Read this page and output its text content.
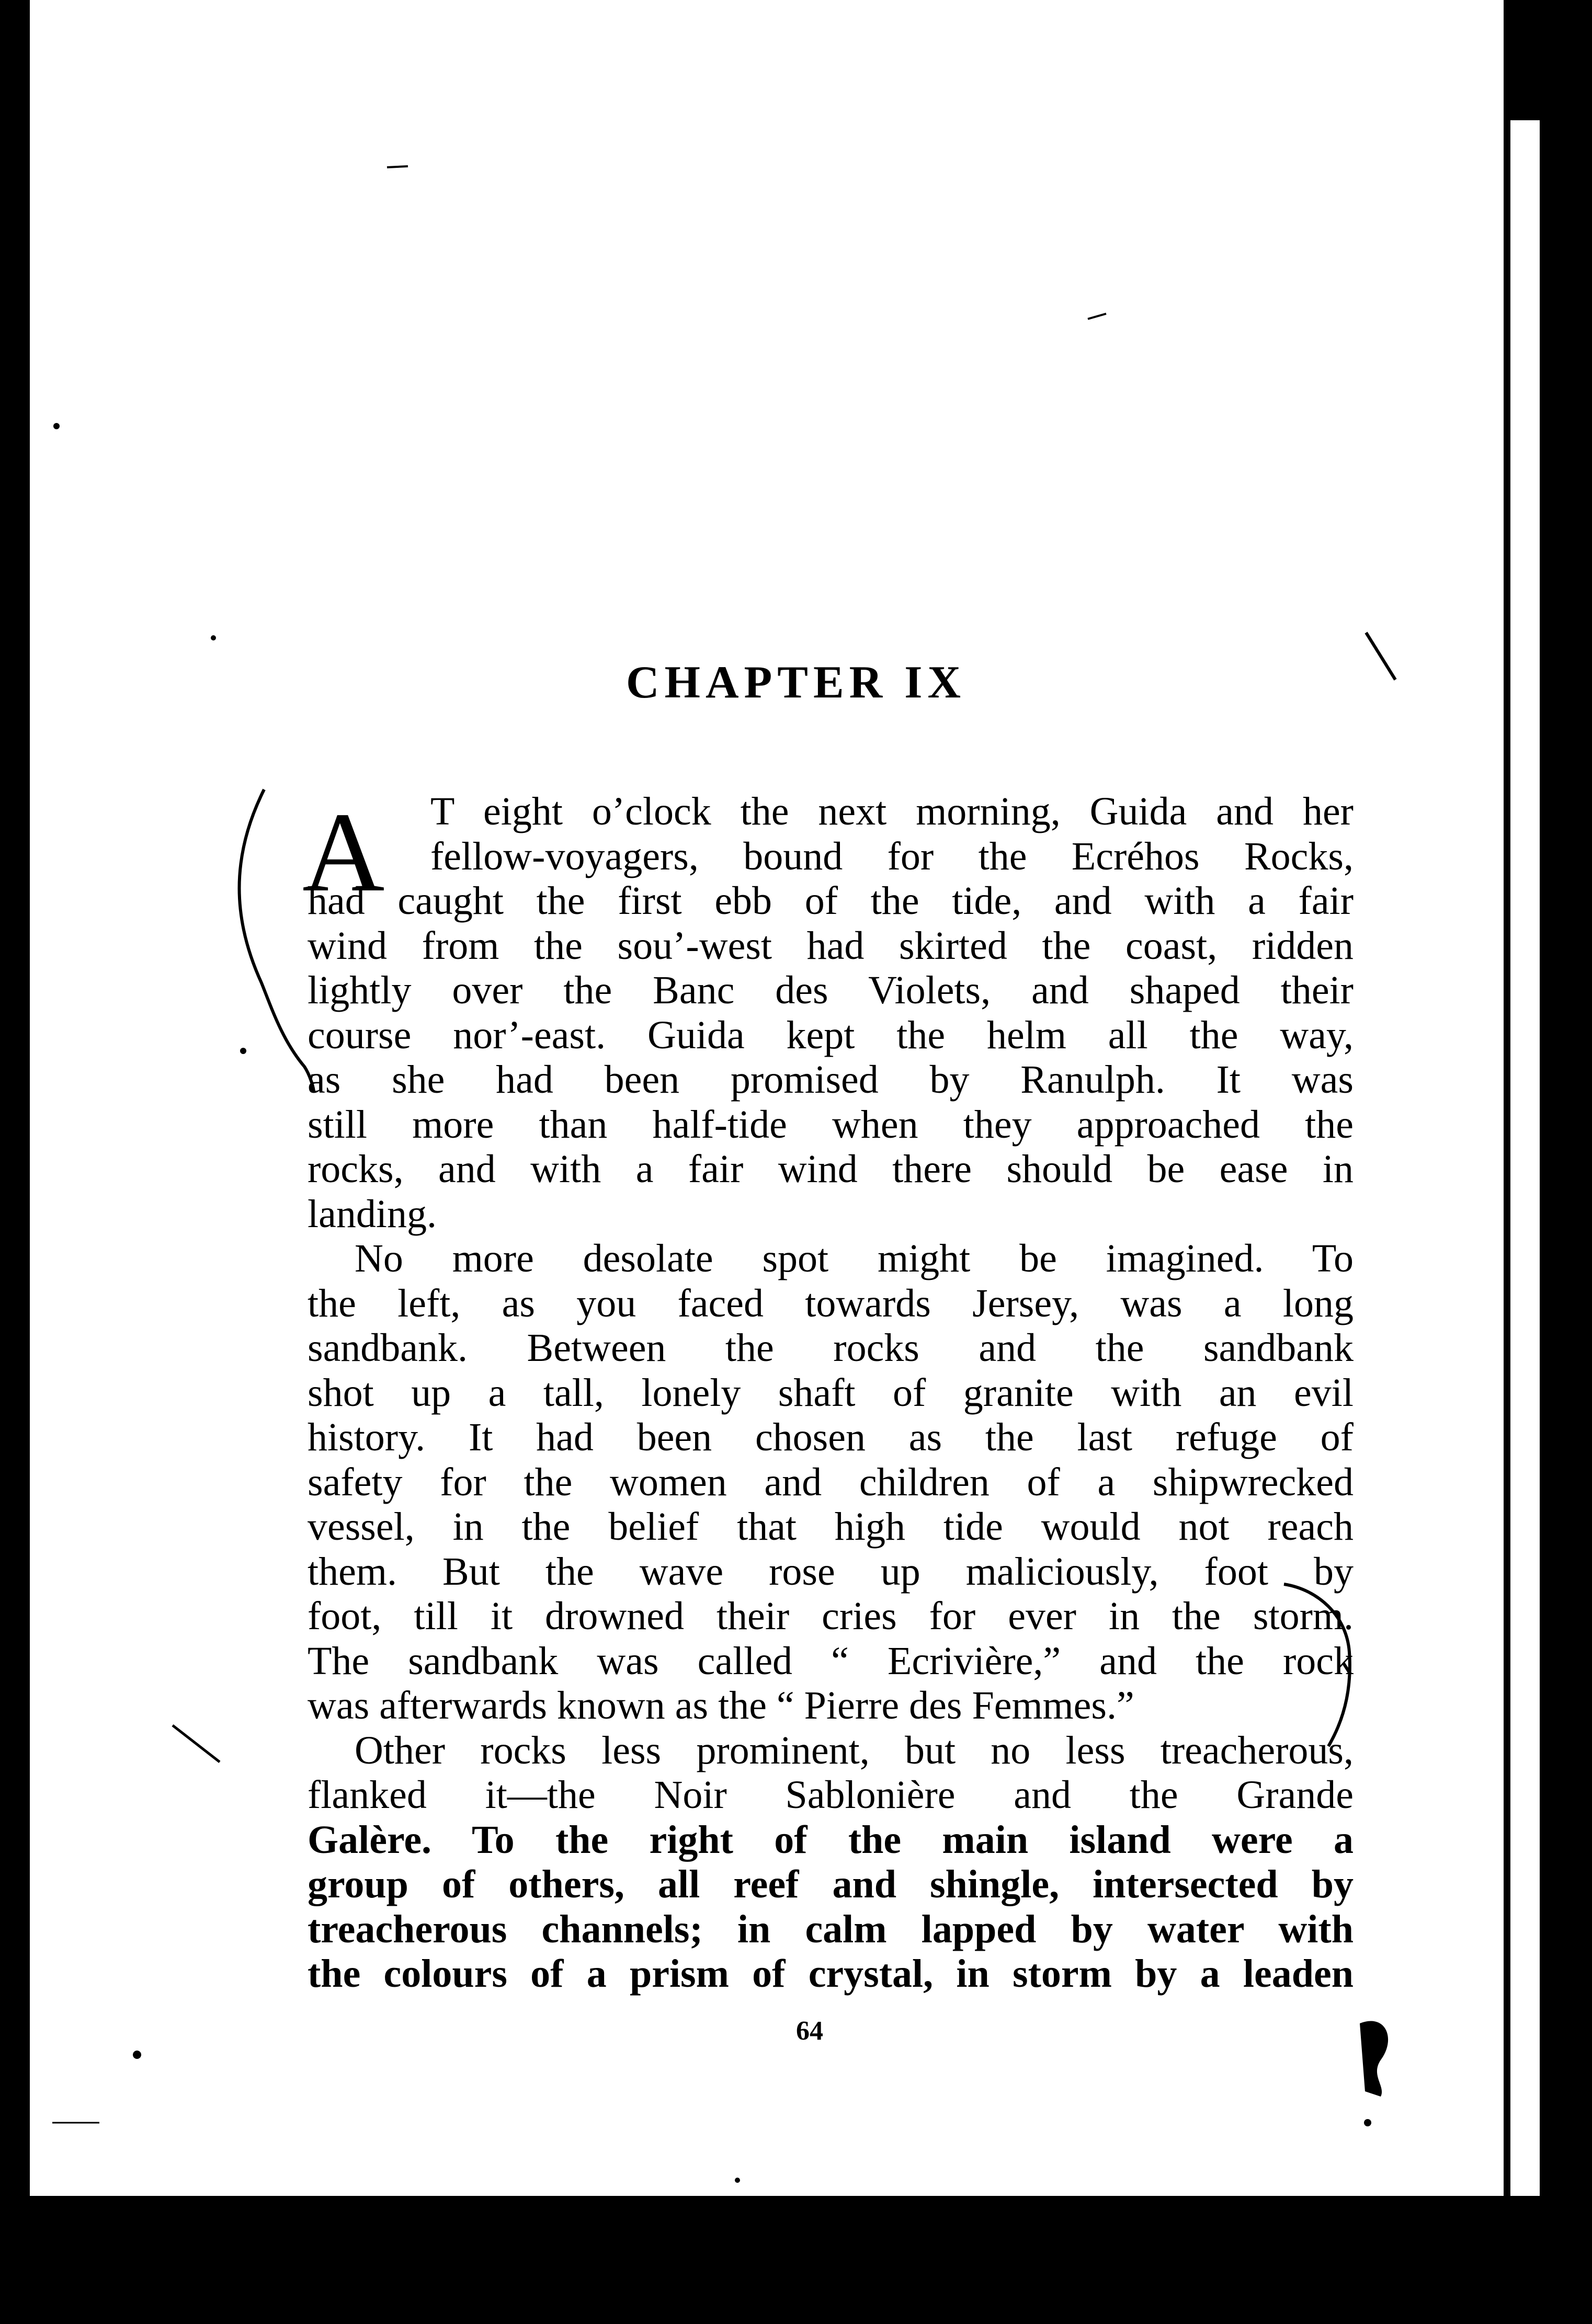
CHAPTER IX
A	T eight o’clock the next morning, Guida and her
fellow-voyagers, bound for the Ecréhos Rocks,
had caught the first ebb of the tide, and with a fair
wind from the sou’-west had skirted the coast, ridden
lightly over the Banc des Violets, and shaped their
course nor’-east. Guida kept the helm all the way,
as she had been promised by Ranulph. It was
still more than half-tide when they approached the
rocks, and with a fair wind there should be ease in
landing.
No more desolate spot might be imagined. To
the left, as you faced towards Jersey, was a long
sandbank. Between the rocks and the sandbank
shot up a tall, lonely shaft of granite with an evil
history. It had been chosen as the last refuge of
safety for the women and children of a shipwrecked
vessel, in the belief that high tide would not reach
them. But the wave rose up maliciously, foot by
foot, till it drowned their cries for ever in the storm.
The sandbank was called “ Ecrivière,” and the rock
was afterwards known as the “ Pierre des Femmes.”
Other rocks less prominent, but no less treacherous,
flanked it—the Noir Sablonière and the Grande
Galère. To the right of the main island were a
group of others, all reef and shingle, intersected by
treacherous channels; in calm lapped by water with
the colours of a prism of crystal, in storm by a leaden
64
